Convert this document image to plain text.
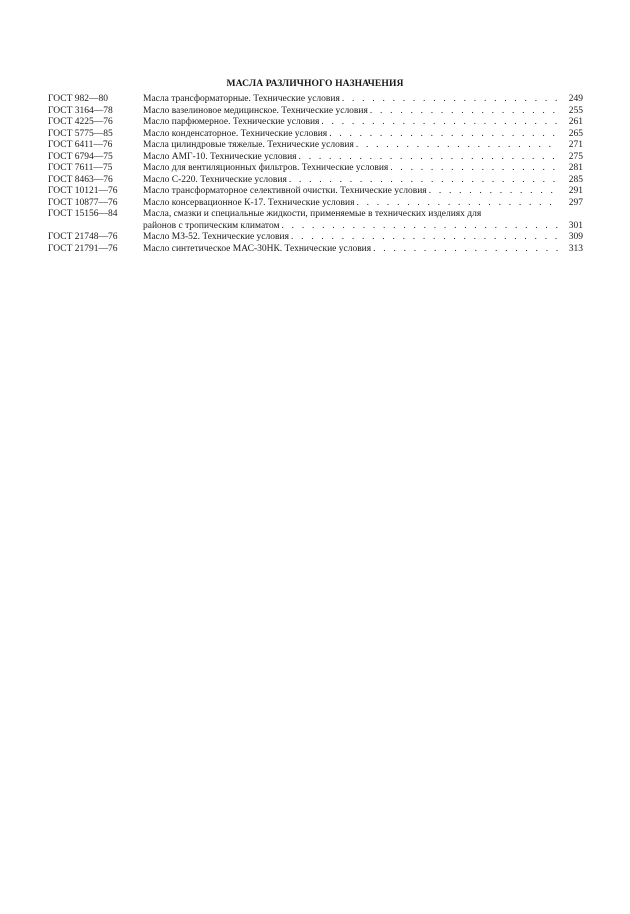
МАСЛА РАЗЛИЧНОГО НАЗНАЧЕНИЯ
ГОСТ 982—80	Масла трансформаторные. Технические условия . . .	249
ГОСТ 3164—78	Масло вазелиновое медицинское. Технические условия . . .	255
ГОСТ 4225—76	Масло парфюмерное. Технические условия . . .	261
ГОСТ 5775—85	Масло конденсаторное. Технические условия . . .	265
ГОСТ 6411—76	Масла цилиндровые тяжелые. Технические условия . . .	271
ГОСТ 6794—75	Масло АМГ-10. Технические условия . . .	275
ГОСТ 7611—75	Масло для вентиляционных фильтров. Технические условия . . .	281
ГОСТ 8463—76	Масло С-220. Технические условия . . .	285
ГОСТ 10121—76	Масло трансформаторное селективной очистки. Технические условия . . .	291
ГОСТ 10877—76	Масло консервационное К-17. Технические условия . . .	297
ГОСТ 15156—84	Масла, смазки и специальные жидкости, применяемые в технических изделиях для
районов с тропическим климатом . . .	301
ГОСТ 21748—76	Масло МЗ-52. Технические условия . . .	309
ГОСТ 21791—76	Масло синтетическое МАС-30НК. Технические условия . . .	313
